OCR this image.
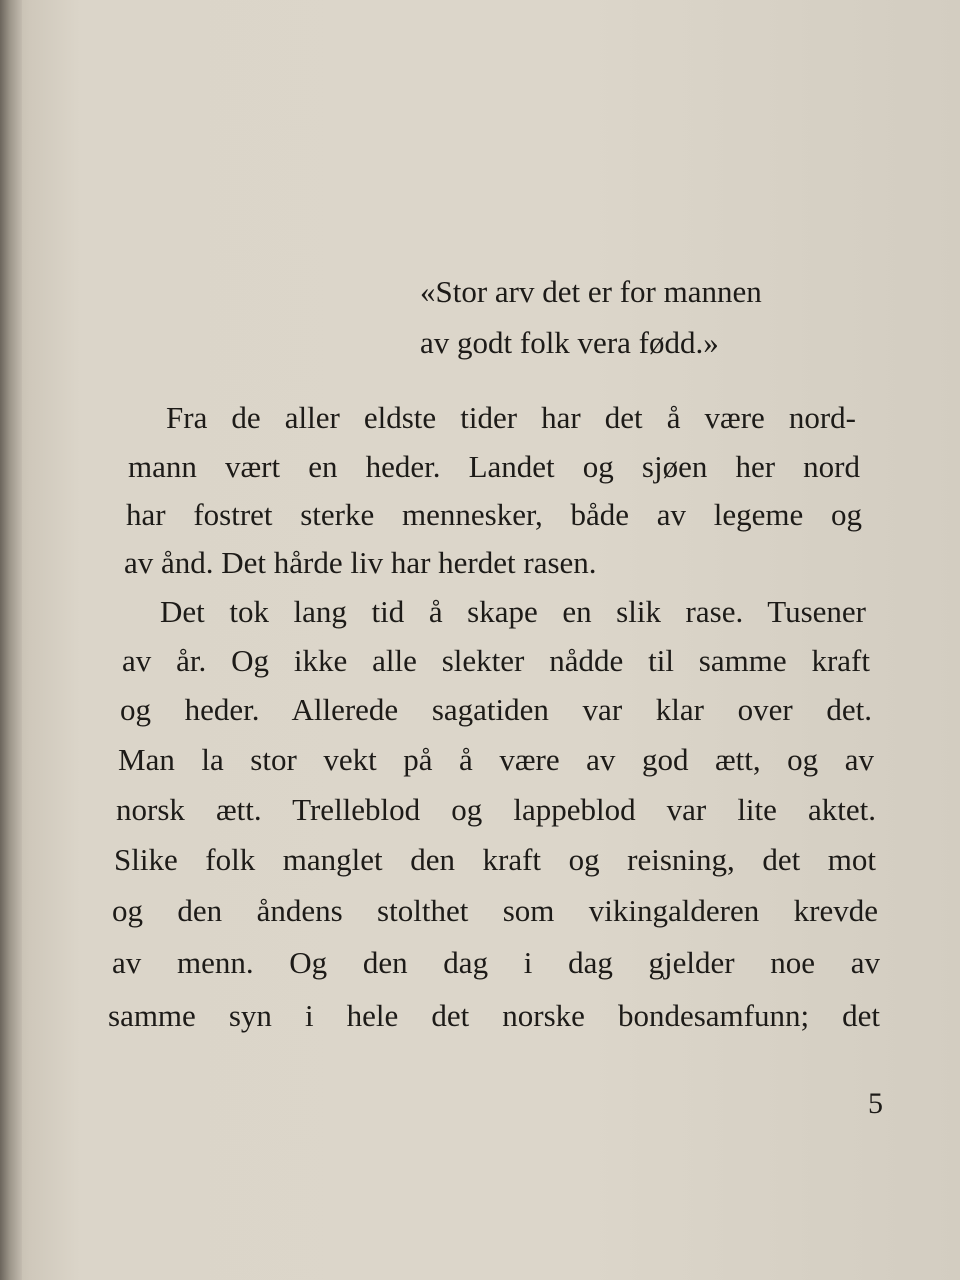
«Stor arv det er for mannen
av godt folk vera fødd.»
Fra de aller eldste tider har det å være nord-
mann vært en heder. Landet og sjøen her nord
har fostret sterke mennesker, både av legeme og
av ånd. Det hårde liv har herdet rasen.
Det tok lang tid å skape en slik rase. Tusener
av år. Og ikke alle slekter nådde til samme kraft
og heder. Allerede sagatiden var klar over det.
Man la stor vekt på å være av god ætt, og av
norsk ætt. Trelleblod og lappeblod var lite aktet.
Slike folk manglet den kraft og reisning, det mot
og den åndens stolthet som vikingalderen krevde
av menn. Og den dag i dag gjelder noe av
samme syn i hele det norske bondesamfunn; det
5
